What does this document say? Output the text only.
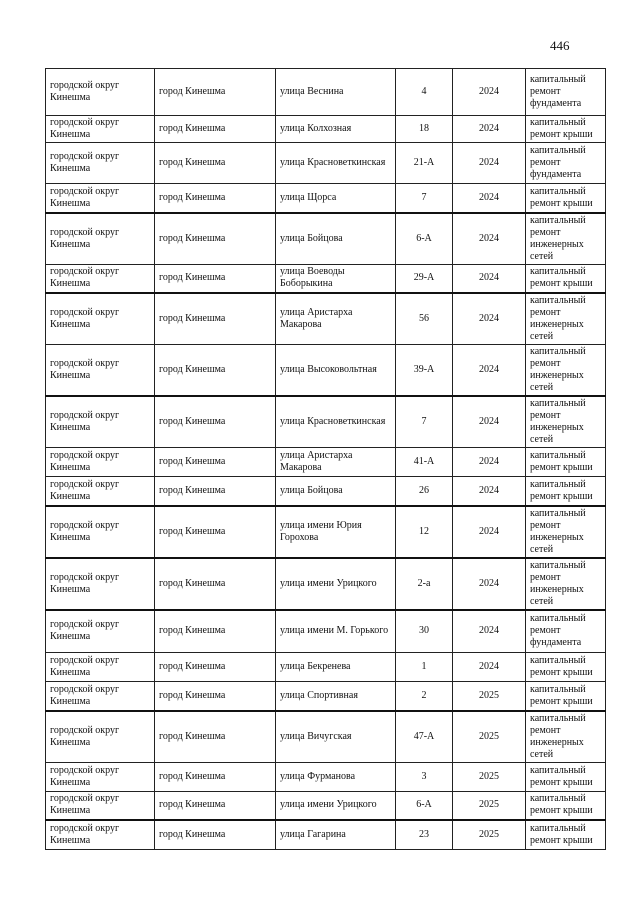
446
городской округ Кинешма	город Кинешма	улица Веснина	4	2024	капитальный ремонт фундамента
городской округ Кинешма	город Кинешма	улица Колхозная	18	2024	капитальный ремонт крыши
городской округ Кинешма	город Кинешма	улица Красноветкинская	21-А	2024	капитальный ремонт фундамента
городской округ Кинешма	город Кинешма	улица Щорса	7	2024	капитальный ремонт крыши
городской округ Кинешма	город Кинешма	улица Бойцова	6-А	2024	капитальный ремонт инженерных сетей
городской округ Кинешма	город Кинешма	улица Воеводы Боборыкина	29-А	2024	капитальный ремонт крыши
городской округ Кинешма	город Кинешма	улица Аристарха Макарова	56	2024	капитальный ремонт инженерных сетей
городской округ Кинешма	город Кинешма	улица Высоковольтная	39-А	2024	капитальный ремонт инженерных сетей
городской округ Кинешма	город Кинешма	улица Красноветкинская	7	2024	капитальный ремонт инженерных сетей
городской округ Кинешма	город Кинешма	улица Аристарха Макарова	41-А	2024	капитальный ремонт крыши
городской округ Кинешма	город Кинешма	улица Бойцова	26	2024	капитальный ремонт крыши
городской округ Кинешма	город Кинешма	улица имени Юрия Горохова	12	2024	капитальный ремонт инженерных сетей
городской округ Кинешма	город Кинешма	улица имени Урицкого	2-а	2024	капитальный ремонт инженерных сетей
городской округ Кинешма	город Кинешма	улица имени М. Горького	30	2024	капитальный ремонт фундамента
городской округ Кинешма	город Кинешма	улица Бекренева	1	2024	капитальный ремонт крыши
городской округ Кинешма	город Кинешма	улица Спортивная	2	2025	капитальный ремонт крыши
городской округ Кинешма	город Кинешма	улица Вичугская	47-А	2025	капитальный ремонт инженерных сетей
городской округ Кинешма	город Кинешма	улица Фурманова	3	2025	капитальный ремонт крыши
городской округ Кинешма	город Кинешма	улица имени Урицкого	6-А	2025	капитальный ремонт крыши
городской округ Кинешма	город Кинешма	улица Гагарина	23	2025	капитальный ремонт крыши
